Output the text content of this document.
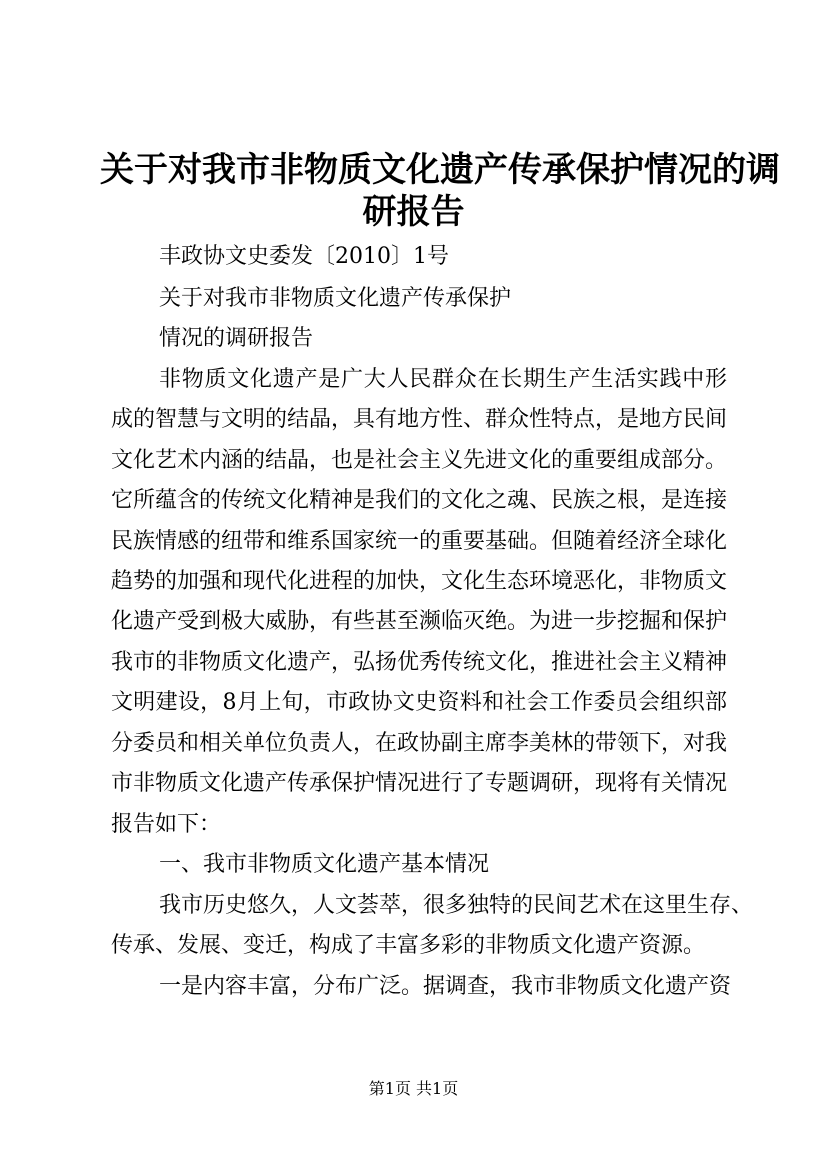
关于对我市非物质文化遗产传承保护情况的调
研报告
丰政协文史委发〔2010〕1号
关于对我市非物质文化遗产传承保护
情况的调研报告
非物质文化遗产是广大人民群众在长期生产生活实践中形
成的智慧与文明的结晶，具有地方性、群众性特点，是地方民间
文化艺术内涵的结晶，也是社会主义先进文化的重要组成部分。
它所蕴含的传统文化精神是我们的文化之魂、民族之根，是连接
民族情感的纽带和维系国家统一的重要基础。但随着经济全球化
趋势的加强和现代化进程的加快，文化生态环境恶化，非物质文
化遗产受到极大威胁，有些甚至濒临灭绝。为进一步挖掘和保护
我市的非物质文化遗产，弘扬优秀传统文化，推进社会主义精神
文明建设，8月上旬，市政协文史资料和社会工作委员会组织部
分委员和相关单位负责人，在政协副主席李美林的带领下，对我
市非物质文化遗产传承保护情况进行了专题调研，现将有关情况
报告如下：
一、我市非物质文化遗产基本情况
我市历史悠久，人文荟萃，很多独特的民间艺术在这里生存、
传承、发展、变迁，构成了丰富多彩的非物质文化遗产资源。
一是内容丰富，分布广泛。据调查，我市非物质文化遗产资
第1页 共1页
